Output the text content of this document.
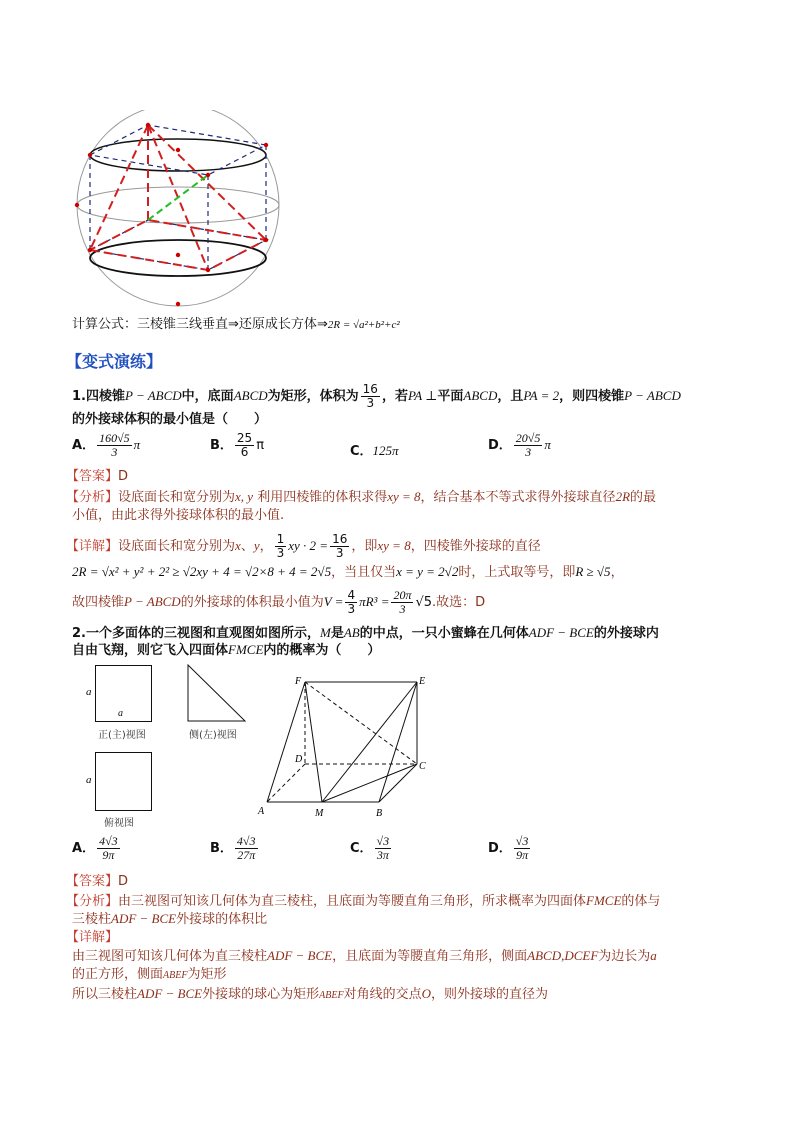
计算公式：三棱锥三线垂直⇒还原成长方体⇒2R = √a²+b²+c²
【变式演练】
1.四棱锥P − ABCD中，底面ABCD为矩形，体积为 $\frac{16}{3}$ ，若PA ⊥平面ABCD，且PA = 2，则四棱锥P − ABCD
的外接球体积的最小值是（　　）
A． $\frac{160√5}{3}$ π	B． $\frac{25}{6}$ π	C．125π	D． $\frac{20√5}{3}$ π
【答案】D
【分析】设底面长和宽分别为x, y 利用四棱锥的体积求得xy = 8，结合基本不等式求得外接球直径2R的最
小值，由此求得外接球体积的最小值.
【详解】设底面长和宽分别为x、y， $\frac{1}{3}$ xy · $2 = \frac{16}{3}$ ，即xy = 8，四棱锥外接球的直径
2R = √x² + y² + 2² ≥ √2xy + 4 = √2×8 + 4 = 2√5，当且仅当x = y = 2√2时，上式取等号，即R ≥ √5，
故四棱锥P − ABCD的外接球的体积最小值为$V = \frac{4}{3} \pi R^3 = \frac{20\pi}{3} √5$.故选：D
2.一个多面体的三视图和直观图如图所示，M是AB的中点，一只小蜜蜂在几何体ADF − BCE的外接球内
自由飞翔，则它飞入四面体FMCE内的概率为（　　）
a
a
正(主)视图	侧(左)视图
a
俯视图
F	E
D
C
A	M	B
A． $\frac{4√3}{9\pi}$	B． $\frac{4√3}{27\pi}$	C． $\frac{√3}{3\pi}$	D． $\frac{√3}{9\pi}$
【答案】D
【分析】由三视图可知该几何体为直三棱柱，且底面为等腰直角三角形，所求概率为四面体FMCE的体与
三棱柱ADF − BCE外接球的体积比
【详解】
由三视图可知该几何体为直三棱柱ADF − BCE，且底面为等腰直角三角形，侧面ABCD,DCEF为边长为a
的正方形，侧面ABEF为矩形
所以三棱柱ADF − BCE外接球的球心为矩形ABEF对角线的交点O，则外接球的直径为
